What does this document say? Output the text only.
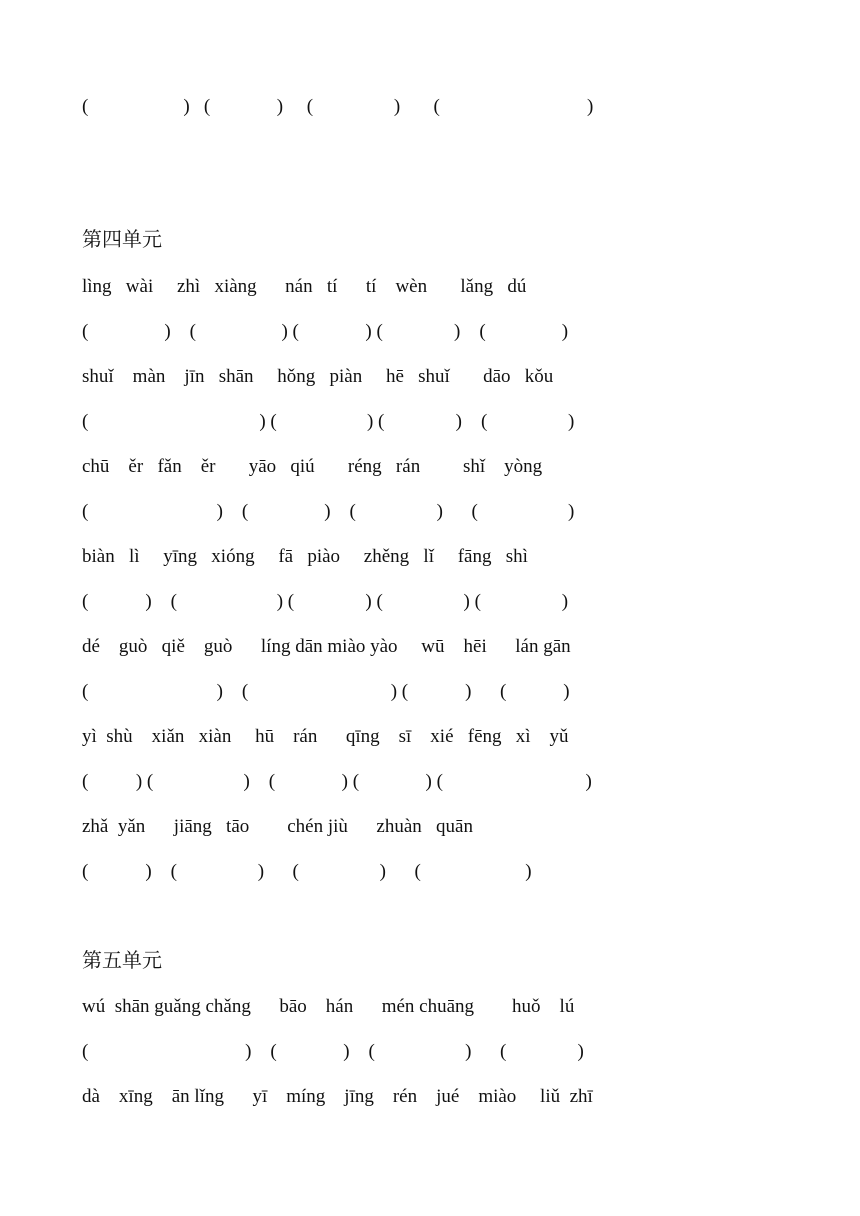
(                    )   (              )     (                 )       (                               )
第四单元
lìng   wài     zhì   xiàng      nán   tí      tí    wèn       lǎng   dú
(                )    (                  ) (              ) (               )    (                )
shuǐ    màn    jīn   shān     hǒng   piàn     hē   shuǐ       dāo   kǒu
(                                    ) (                   ) (               )    (                 )
chū    ěr   fǎn    ěr       yāo   qiú       réng   rán         shǐ    yòng
(                           )    (                )    (                 )      (                   )
biàn   lì     yīng   xióng     fā   piào     zhěng   lǐ     fāng   shì
(            )    (                     ) (               ) (                 ) (                 )
dé    guò   qiě    guò      líng dān miào yào     wū    hēi      lán gān
(                           )    (                              ) (            )      (            )
yì  shù    xiǎn   xiàn     hū    rán      qīng    sī    xié   fēng   xì    yǔ
(          ) (                   )    (              ) (              ) (                              )
zhǎ  yǎn      jiāng   tāo        chén jiù      zhuàn   quān
(            )    (                 )      (                 )      (                      )
第五单元
wú  shān guǎng chǎng      bāo    hán      mén chuāng        huǒ    lú
(                                 )    (              )    (                   )      (               )
dà    xīng    ān lǐng      yī    míng    jīng    rén    jué    miào     liǔ  zhī
